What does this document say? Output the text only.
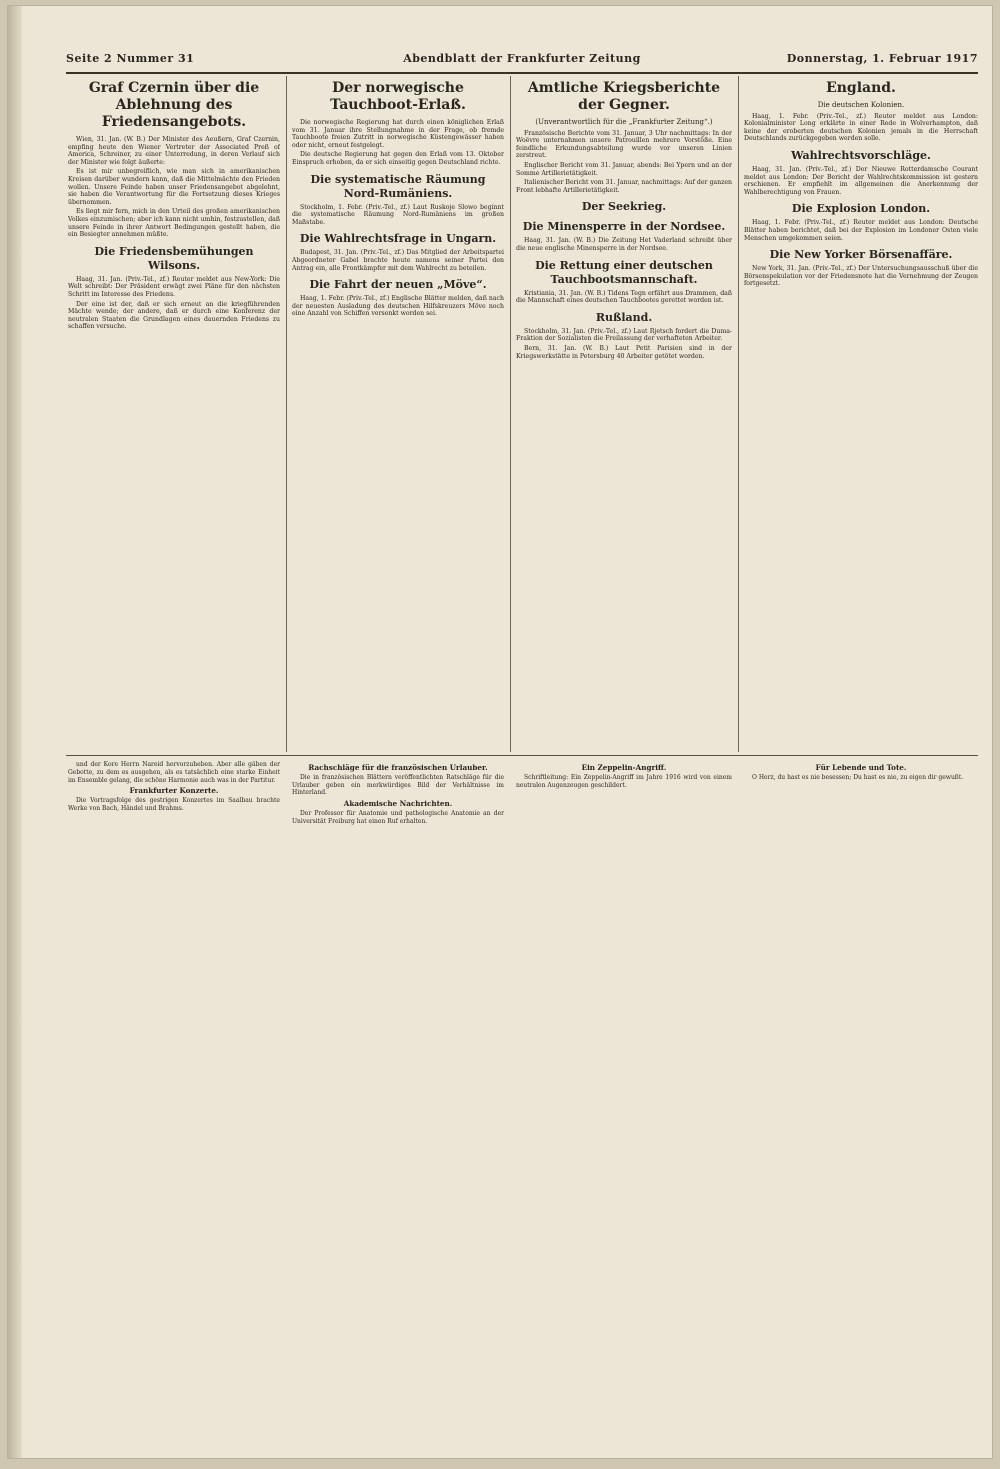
Seite 2 Nummer 31	Abendblatt der Frankfurter Zeitung	Donnerstag, 1. Februar 1917
Graf Czernin über die Ablehnung des Friedensangebots.

Wien, 31. Jan. (W. B.) Der Minister des Aeußern, Graf Czernin, empfing heute den Wiener Vertreter der Associated Preß of America, Schreiner, zu einer Unterredung, in deren Verlauf sich der Minister wie folgt äußerte:

Es ist mir unbegreiflich, wie man sich in amerikanischen Kreisen darüber wundern kann, daß die Mittelmächte den Frieden wollen. Unsere Feinde haben unser Friedensangebot abgelehnt, sie haben die Verantwortung für die Fortsetzung dieses Krieges übernommen.

Es liegt mir fern, mich in den Urteil des großen amerikanischen Volkes einzumischen; aber ich kann nicht umhin, festzustellen, daß unsere Feinde in ihrer Antwort Bedingungen gestellt haben, die ein Besiegter annehmen müßte.

Die Friedensbemühungen Wilsons.

Haag, 31. Jan. (Priv.-Tel., zf.) Reuter meldet aus New-York: Die Welt schreibt: Der Präsident erwägt zwei Pläne für den nächsten Schritt im Interesse des Friedens.

Der eine ist der, daß er sich erneut an die kriegführenden Mächte wende; der andere, daß er durch eine Konferenz der neutralen Staaten die Grundlagen eines dauernden Friedens zu schaffen versuche.

Der norwegische Tauchboot-Erlaß.

Die norwegische Regierung hat durch einen königlichen Erlaß vom 31. Januar ihre Stellungnahme in der Frage, ob fremde Tauchboote freien Zutritt in norwegische Küstengewässer haben oder nicht, erneut festgelegt.

Die deutsche Regierung hat gegen den Erlaß vom 13. Oktober Einspruch erhoben, da er sich einseitig gegen Deutschland richte.

Die systematische Räumung Nord-Rumäniens.

Stockholm, 1. Febr. (Priv.-Tel., zf.) Laut Ruskoje Slowo beginnt die systematische Räumung Nord-Rumäniens im großen Maßstabe.

Die Wahlrechtsfrage in Ungarn.

Budapest, 31. Jan. (Priv.-Tel., zf.) Das Mitglied der Arbeitspartei Abgeordneter Gabel brachte heute namens seiner Partei den Antrag ein, alle Frontkämpfer mit dem Wahlrecht zu beteilen.

Die Fahrt der neuen „Möve“.

Haag, 1. Febr. (Priv.-Tel., zf.) Englische Blätter melden, daß nach der neuesten Ausladung des deutschen Hilfskreuzers Möve noch eine Anzahl von Schiffen versenkt worden sei.

Amtliche Kriegsberichte der Gegner.
(Unverantwortlich für die „Frankfurter Zeitung“.)

Französische Berichte vom 31. Januar, 3 Uhr nachmittags: In der Woëvre unternahmen unsere Patrouillen mehrere Vorstöße. Eine feindliche Erkundungsabteilung wurde vor unseren Linien zerstreut.

Englischer Bericht vom 31. Januar, abends: Bei Ypern und an der Somme Artillerietätigkeit.

Italienischer Bericht vom 31. Januar, nachmittags: Auf der ganzen Front lebhafte Artillerietätigkeit.

Der Seekrieg.
Die Minensperre in der Nordsee.

Haag, 31. Jan. (W. B.) Die Zeitung Het Vaderland schreibt über die neue englische Minensperre in der Nordsee.

Die Rettung einer deutschen Tauchbootsmannschaft.

Kristiania, 31. Jan. (W. B.) Tidens Tegn erfährt aus Drammen, daß die Mannschaft eines deutschen Tauchbootes gerettet worden ist.

Rußland.

Stockholm, 31. Jan. (Priv.-Tel., zf.) Laut Rjetsch fordert die Duma-Fraktion der Sozialisten die Freilassung der verhafteten Arbeiter.

Bern, 31. Jan. (W. B.) Laut Petit Parisien sind in der Kriegswerkstätte in Petersburg 40 Arbeiter getötet worden.

England.
Die deutschen Kolonien.

Haag, 1. Febr. (Priv.-Tel., zf.) Reuter meldet aus London: Kolonialminister Long erklärte in einer Rede in Wolverhampton, daß keine der eroberten deutschen Kolonien jemals in die Herrschaft Deutschlands zurückgegeben werden solle.

Wahlrechtsvorschläge.

Haag, 31. Jan. (Priv.-Tel., zf.) Der Nieuwe Rotterdamsche Courant meldet aus London: Der Bericht der Wahlrechtskommission ist gestern erschienen. Er empfiehlt im allgemeinen die Anerkennung der Wahlberechtigung von Frauen.

Die Explosion London.

Haag, 1. Febr. (Priv.-Tel., zf.) Reuter meldet aus London: Deutsche Blätter haben berichtet, daß bei der Explosion im Londoner Osten viele Menschen umgekommen seien.

Die New Yorker Börsenaffäre.

New York, 31. Jan. (Priv.-Tel., zf.) Der Untersuchungsausschuß über die Börsenspekulation vor der Friedensnote hat die Vernehmung der Zeugen fortgesetzt.

und der Kore Herrn Nareid hervorzuheben. Aber alle gäben der Gebotte, zu dem es ausgehen, als es tatsächlich eine starke Einheit im Ensemble gelang, die schöne Harmonie auch was in der Partitur.

Frankfurter Konzerte.

Die Vortragsfolge des gestrigen Konzertes im Saalbau brachte Werke von Bach, Händel und Brahms.

Rachschläge für die französischen Urlauber.

Die in französischen Blättern veröffentlichten Ratschläge für die Urlauber geben ein merkwürdiges Bild der Verhältnisse im Hinterland.

Akademische Nachrichten.

Der Professor für Anatomie und pathologische Anatomie an der Universität Freiburg hat einen Ruf erhalten.

Ein Zeppelin-Angriff.

Schriftleitung: Ein Zeppelin-Angriff im Jahre 1916 wird von einem neutralen Augenzeugen geschildert.

Für Lebende und Tote.

O Herz, du hast es nie besessen; Du hast es nie, zu eigen dir gewußt.
